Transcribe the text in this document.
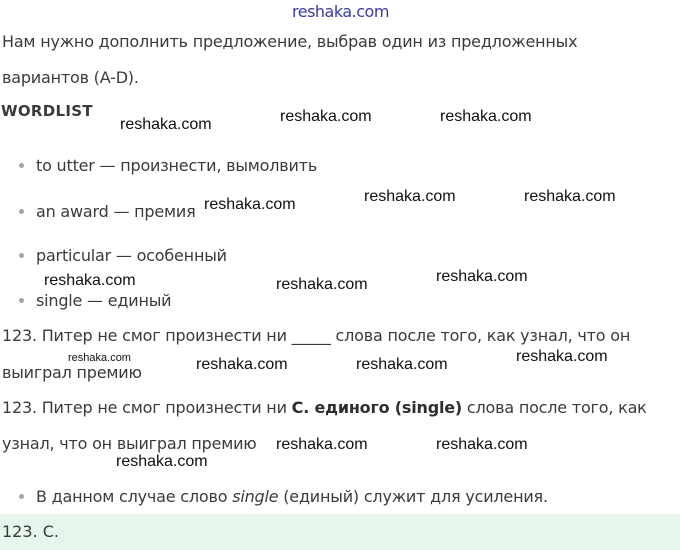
reshaka.com
Нам нужно дополнить предложение, выбрав один из предложенных
вариантов (A-D).
WORDLIST
to utter — произнести, вымолвить
an award — премия
particular — особенный
single — единый
123. Питер не смог произнести ни _____ слова после того, как узнал, что он
выиграл премию
123. Питер не смог произнести ни C. единого (single) слова после того, как
узнал, что он выиграл премию
В данном случае слово single (единый) служит для усиления.
123. C.
reshaka.com	reshaka.com	reshaka.com
reshaka.com	reshaka.com	reshaka.com
reshaka.com	reshaka.com	reshaka.com
reshaka.com	reshaka.com	reshaka.com	reshaka.com
reshaka.com	reshaka.com
reshaka.com
